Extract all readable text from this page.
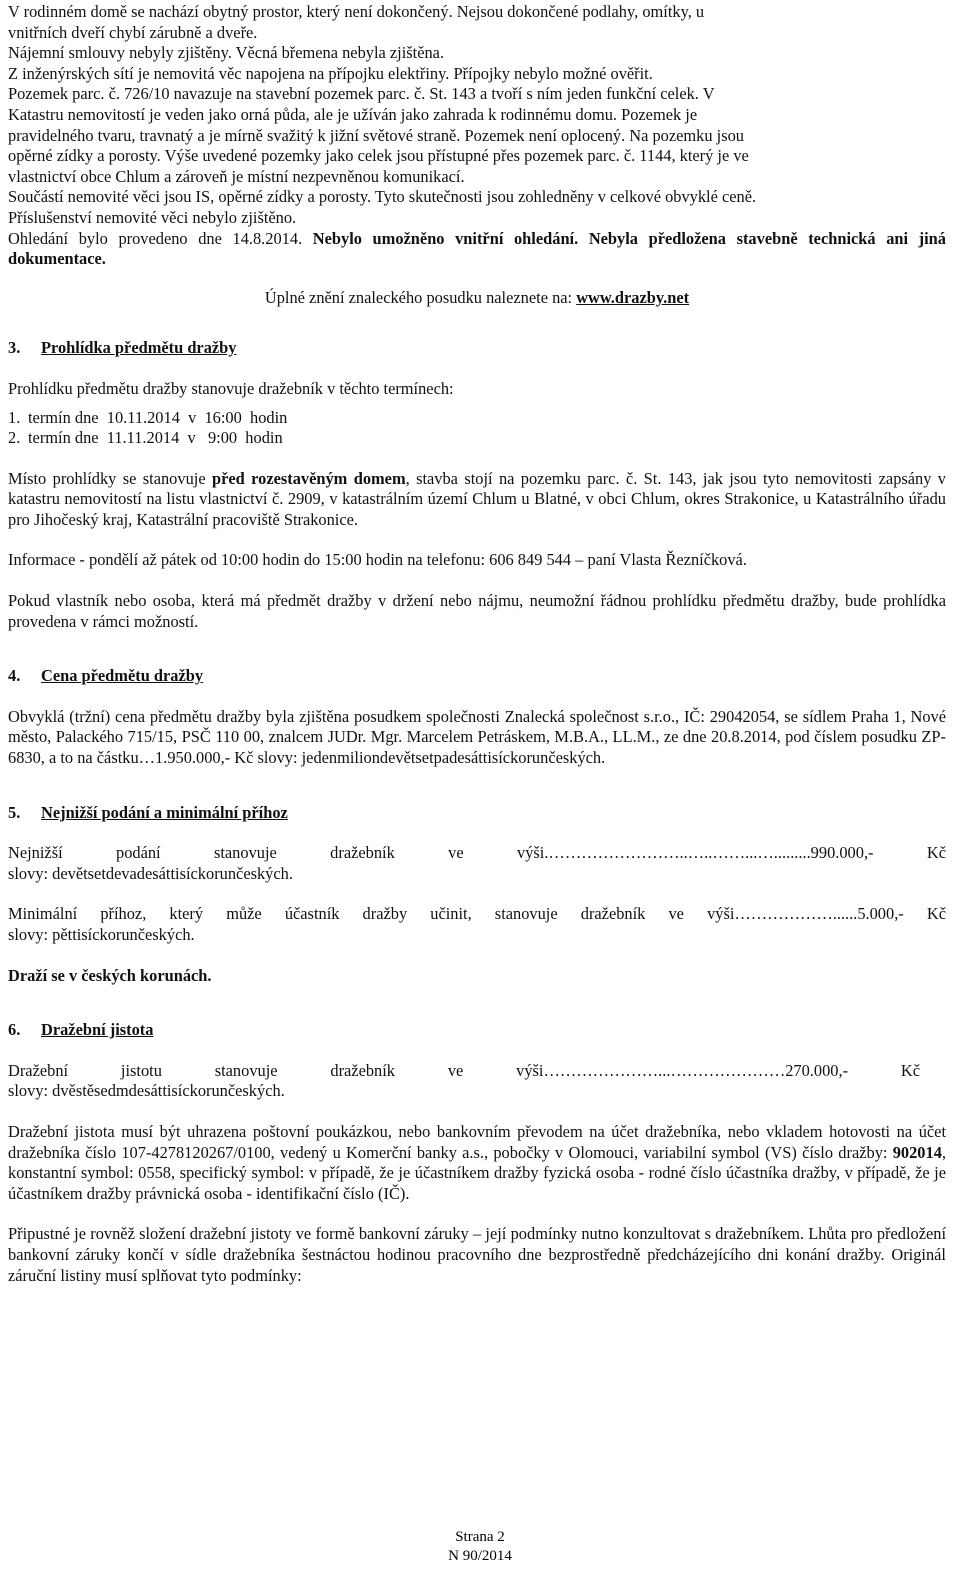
V rodinném domě se nachází obytný prostor, který není dokončený. Nejsou dokončené podlahy, omítky, u
vnitřních dveří chybí zárubně a dveře.
Nájemní smlouvy nebyly zjištěny. Věcná břemena nebyla zjištěna.
Z inženýrských sítí je nemovitá věc napojena na přípojku elektřiny. Přípojky nebylo možné ověřit.
Pozemek parc. č. 726/10 navazuje na stavební pozemek parc. č. St. 143 a tvoří s ním jeden funkční celek. V
Katastru nemovitostí je veden jako orná půda, ale je užíván jako zahrada k rodinnému domu. Pozemek je
pravidelného tvaru, travnatý a je mírně svažitý k jižní světové straně. Pozemek není oplocený. Na pozemku jsou
opěrné zídky a porosty. Výše uvedené pozemky jako celek jsou přístupné přes pozemek parc. č. 1144, který je ve
vlastnictví obce Chlum a zároveň je místní nezpevněnou komunikací.

Součástí nemovité věci jsou IS, opěrné zídky a porosty. Tyto skutečnosti jsou zohledněny v celkové obvyklé ceně.

Příslušenství nemovité věci nebylo zjištěno.

Ohledání bylo provedeno dne 14.8.2014. Nebylo umožněno vnitřní ohledání. Nebyla předložena stavebně technická ani jiná dokumentace.

Úplné znění znaleckého posudku naleznete na: www.drazby.net
3. Prohlídka předmětu dražby

Prohlídku předmětu dražby stanovuje dražebník v těchto termínech:

1. termín dne  10.11.2014  v  16:00  hodin
2. termín dne  11.11.2014  v   9:00  hodin

Místo prohlídky se stanovuje před rozestavěným domem, stavba stojí na pozemku parc. č. St. 143, jak jsou tyto nemovitosti zapsány v katastru nemovitostí na listu vlastnictví č. 2909, v katastrálním území Chlum u Blatné, v obci Chlum, okres Strakonice, u Katastrálního úřadu pro Jihočeský kraj, Katastrální pracoviště Strakonice.

Informace - pondělí až pátek od 10:00 hodin do 15:00 hodin na telefonu: 606 849 544 – paní Vlasta Řezníčková.

Pokud vlastník nebo osoba, která má předmět dražby v držení nebo nájmu, neumožní řádnou prohlídku předmětu dražby, bude prohlídka provedena v rámci možností.

4. Cena předmětu dražby

Obvyklá (tržní) cena předmětu dražby byla zjištěna posudkem společnosti Znalecká společnost s.r.o., IČ: 29042054, se sídlem Praha 1, Nové město, Palackého 715/15, PSČ 110 00, znalcem JUDr. Mgr. Marcelem Petráskem, M.B.A., LL.M., ze dne 20.8.2014, pod číslem posudku ZP-6830, a to na částku…1.950.000,- Kč slovy: jedenmiliondevětsetpadesáttisíckorunčeských.

5. Nejnižší podání a minimální příhoz

Nejnižší podání stanovuje dražebník ve výši.……………………..…..……...….........990.000,- Kč

slovy: devětsetdevadesáttisíckorunčeských.

Minimální příhoz, který může účastník dražby učinit, stanovuje dražebník ve výši………………......5.000,- Kč

slovy: pěttisíckorunčeských.

Draží se v českých korunách.

6. Dražební jistota

Dražební jistotu stanovuje dražebník ve výši…………………...…………………270.000,- Kč

slovy: dvěstěsedmdesáttisíckorunčeských.

Dražební jistota musí být uhrazena poštovní poukázkou, nebo bankovním převodem na účet dražebníka, nebo vkladem hotovosti na účet dražebníka číslo 107-4278120267/0100, vedený u Komerční banky a.s., pobočky v Olomouci, variabilní symbol (VS) číslo dražby: 902014, konstantní symbol: 0558, specifický symbol: v případě, že je účastníkem dražby fyzická osoba - rodné číslo účastníka dražby, v případě, že je účastníkem dražby právnická osoba - identifikační číslo (IČ).

Připustné je rovněž složení dražební jistoty ve formě bankovní záruky – její podmínky nutno konzultovat s dražebníkem. Lhůta pro předložení bankovní záruky končí v sídle dražebníka šestnáctou hodinou pracovního dne bezprostředně předcházejícího dni konání dražby. Originál záruční listiny musí splňovat tyto podmínky:

Strana 2
N 90/2014
